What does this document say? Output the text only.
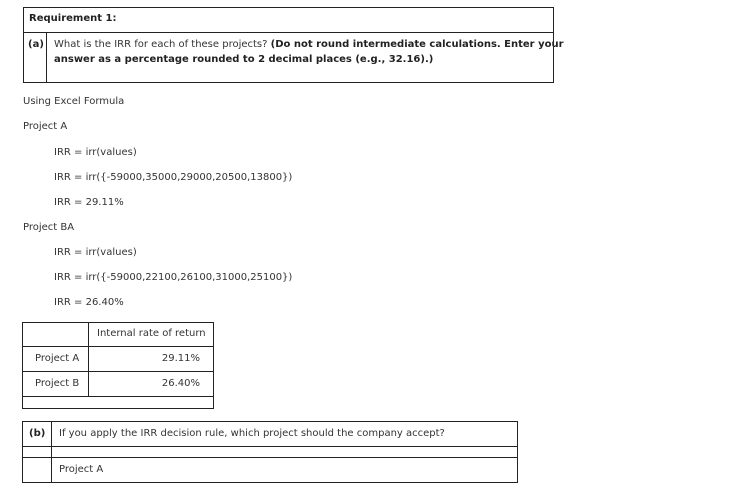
Requirement 1:
(a) What is the IRR for each of these projects? (Do not round intermediate calculations. Enter your
answer as a percentage rounded to 2 decimal places (e.g., 32.16).)
Using Excel Formula
Project A
IRR = irr(values)
IRR = irr({-59000,35000,29000,20500,13800})
IRR = 29.11%
Project BA
IRR = irr(values)
IRR = irr({-59000,22100,26100,31000,25100})
IRR = 26.40%
Internal rate of return
Project A	29.11%
Project B	26.40%
(b) If you apply the IRR decision rule, which project should the company accept?
Project A
